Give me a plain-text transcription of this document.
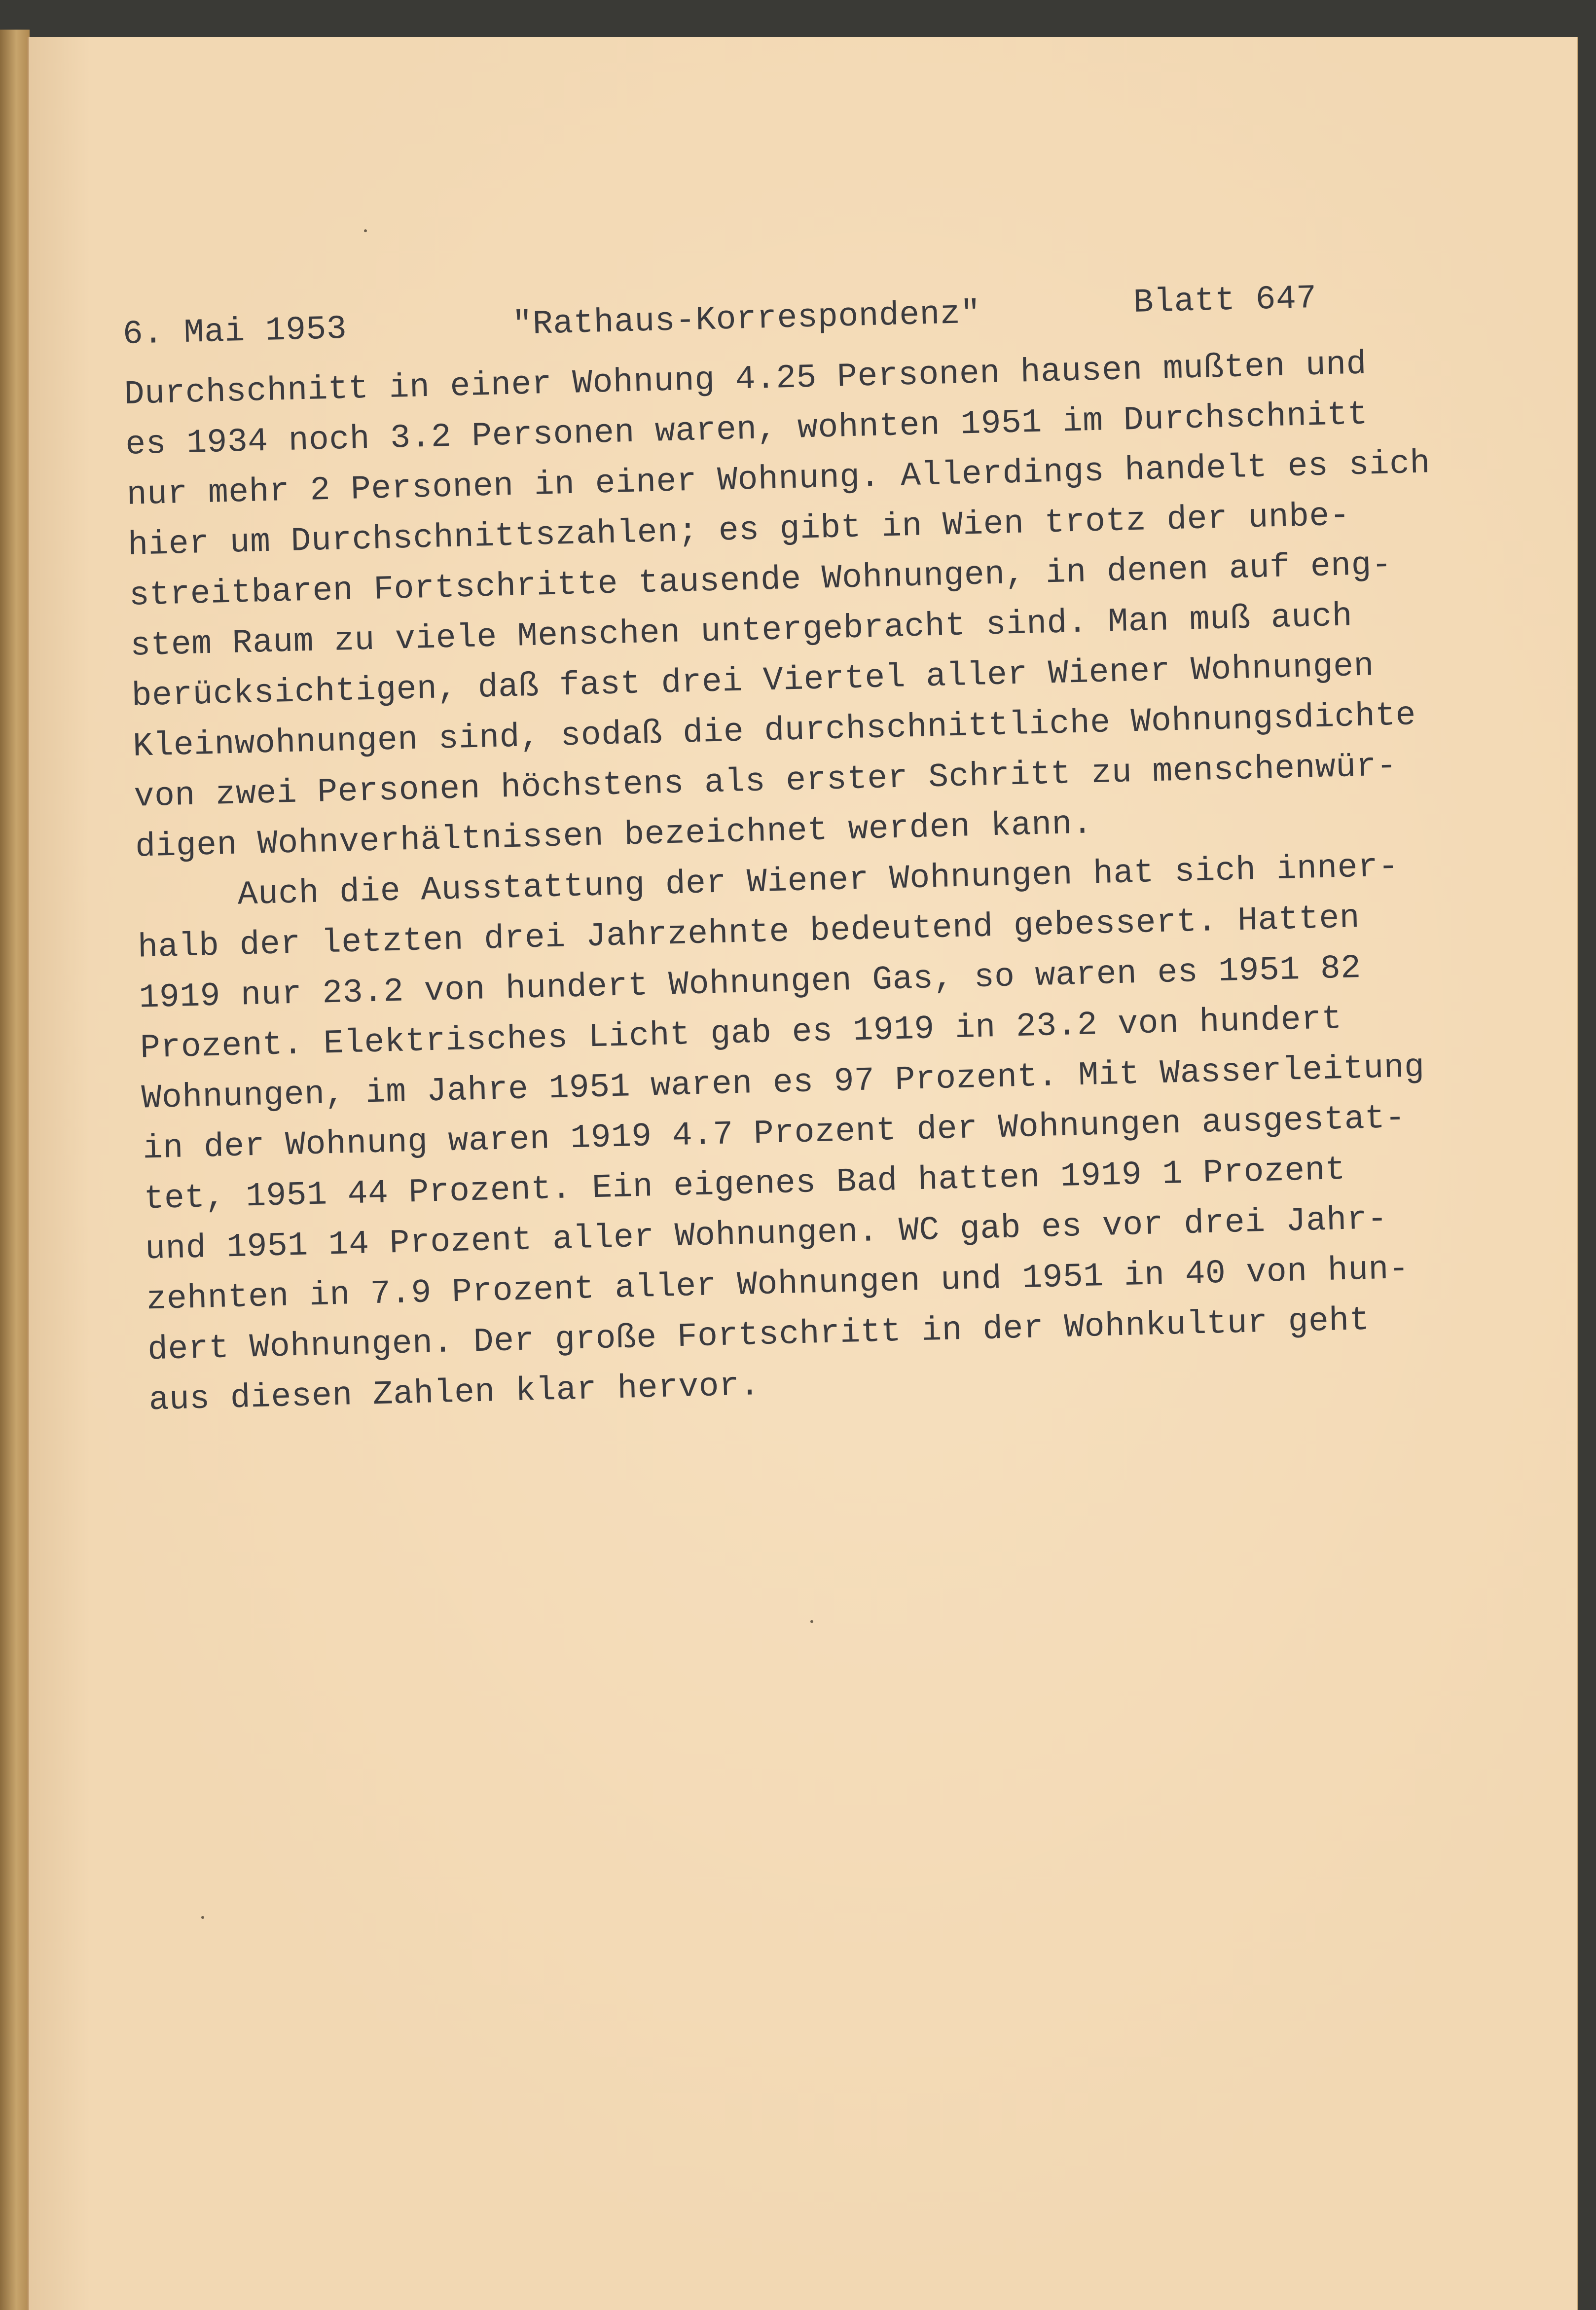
6. Mai 1953	"Rathaus-Korrespondenz"	Blatt 647
Durchschnitt in einer Wohnung 4.25 Personen hausen mußten und
es 1934 noch 3.2 Personen waren, wohnten 1951 im Durchschnitt
nur mehr 2 Personen in einer Wohnung. Allerdings handelt es sich
hier um Durchschnittszahlen; es gibt in Wien trotz der unbe-
streitbaren Fortschritte tausende Wohnungen, in denen auf eng-
stem Raum zu viele Menschen untergebracht sind. Man muß auch
berücksichtigen, daß fast drei Viertel aller Wiener Wohnungen
Kleinwohnungen sind, sodaß die durchschnittliche Wohnungsdichte
von zwei Personen höchstens als erster Schritt zu menschenwür-
digen Wohnverhältnissen bezeichnet werden kann.
Auch die Ausstattung der Wiener Wohnungen hat sich inner-
halb der letzten drei Jahrzehnte bedeutend gebessert. Hatten
1919 nur 23.2 von hundert Wohnungen Gas, so waren es 1951 82
Prozent. Elektrisches Licht gab es 1919 in 23.2 von hundert
Wohnungen, im Jahre 1951 waren es 97 Prozent. Mit Wasserleitung
in der Wohnung waren 1919 4.7 Prozent der Wohnungen ausgestat-
tet, 1951 44 Prozent. Ein eigenes Bad hatten 1919 1 Prozent
und 1951 14 Prozent aller Wohnungen. WC gab es vor drei Jahr-
zehnten in 7.9 Prozent aller Wohnungen und 1951 in 40 von hun-
dert Wohnungen. Der große Fortschritt in der Wohnkultur geht
aus diesen Zahlen klar hervor.
